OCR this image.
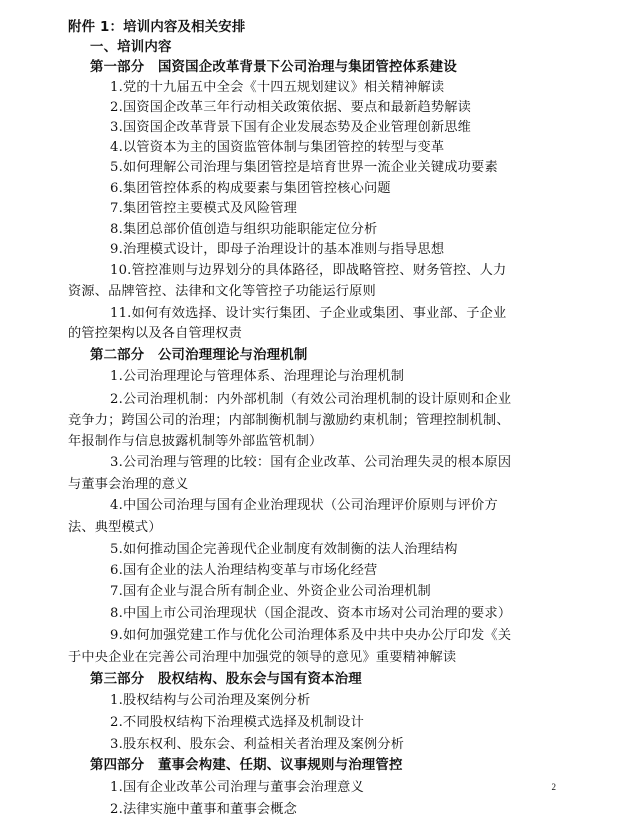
附件 1：培训内容及相关安排
一、培训内容
第一部分　国资国企改革背景下公司治理与集团管控体系建设
1.党的十九届五中全会《十四五规划建议》相关精神解读
2.国资国企改革三年行动相关政策依据、要点和最新趋势解读
3.国资国企改革背景下国有企业发展态势及企业管理创新思维
4.以管资本为主的国资监管体制与集团管控的转型与变革
5.如何理解公司治理与集团管控是培育世界一流企业关键成功要素
6.集团管控体系的构成要素与集团管控核心问题
7.集团管控主要模式及风险管理
8.集团总部价值创造与组织功能职能定位分析
9.治理模式设计，即母子治理设计的基本准则与指导思想
10.管控准则与边界划分的具体路径，即战略管控、财务管控、人力
资源、品牌管控、法律和文化等管控子功能运行原则
11.如何有效选择、设计实行集团、子企业或集团、事业部、子企业
的管控架构以及各自管理权责
第二部分　公司治理理论与治理机制
1.公司治理理论与管理体系、治理理论与治理机制
2.公司治理机制：内外部机制（有效公司治理机制的设计原则和企业
竞争力；跨国公司的治理；内部制衡机制与激励约束机制；管理控制机制、
年报制作与信息披露机制等外部监管机制）
3.公司治理与管理的比较：国有企业改革、公司治理失灵的根本原因
与董事会治理的意义
4.中国公司治理与国有企业治理现状（公司治理评价原则与评价方
法、典型模式）
5.如何推动国企完善现代企业制度有效制衡的法人治理结构
6.国有企业的法人治理结构变革与市场化经营
7.国有企业与混合所有制企业、外资企业公司治理机制
8.中国上市公司治理现状（国企混改、资本市场对公司治理的要求）
9.如何加强党建工作与优化公司治理体系及中共中央办公厅印发《关
于中央企业在完善公司治理中加强党的领导的意见》重要精神解读
第三部分　股权结构、股东会与国有资本治理
1.股权结构与公司治理及案例分析
2.不同股权结构下治理模式选择及机制设计
3.股东权利、股东会、利益相关者治理及案例分析
第四部分　董事会构建、任期、议事规则与治理管控
1.国有企业改革公司治理与董事会治理意义
2.法律实施中董事和董事会概念
2
